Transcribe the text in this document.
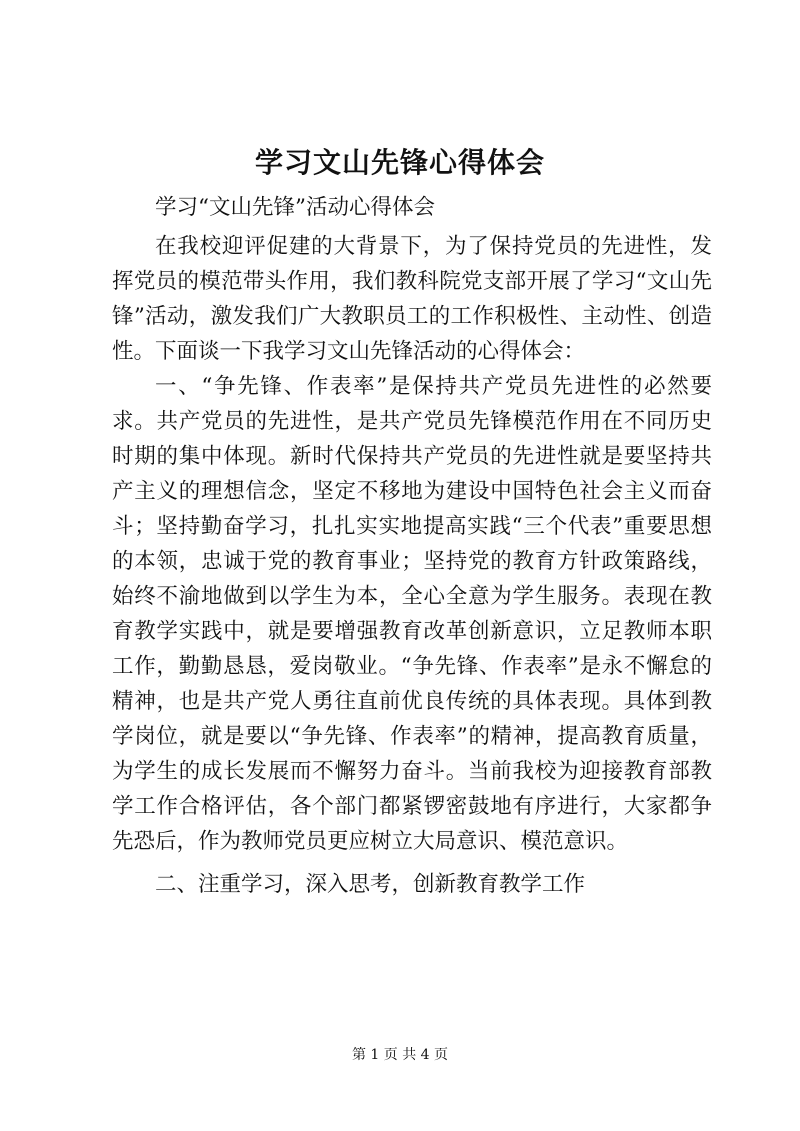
学习文山先锋心得体会

学习“文山先锋”活动心得体会

在我校迎评促建的大背景下，为了保持党员的先进性，发挥党员的模范带头作用，我们教科院党支部开展了学习“文山先锋”活动，激发我们广大教职员工的工作积极性、主动性、创造性。下面谈一下我学习文山先锋活动的心得体会：

一、“争先锋、作表率”是保持共产党员先进性的必然要求。共产党员的先进性，是共产党员先锋模范作用在不同历史时期的集中体现。新时代保持共产党员的先进性就是要坚持共产主义的理想信念，坚定不移地为建设中国特色社会主义而奋斗；坚持勤奋学习，扎扎实实地提高实践“三个代表”重要思想的本领，忠诚于党的教育事业；坚持党的教育方针政策路线，始终不渝地做到以学生为本，全心全意为学生服务。表现在教育教学实践中，就是要增强教育改革创新意识，立足教师本职工作，勤勤恳恳，爱岗敬业。“争先锋、作表率”是永不懈怠的精神，也是共产党人勇往直前优良传统的具体表现。具体到教学岗位，就是要以“争先锋、作表率”的精神，提高教育质量，为学生的成长发展而不懈努力奋斗。当前我校为迎接教育部教学工作合格评估，各个部门都紧锣密鼓地有序进行，大家都争先恐后，作为教师党员更应树立大局意识、模范意识。

二、注重学习，深入思考，创新教育教学工作

第 1 页 共 4 页
